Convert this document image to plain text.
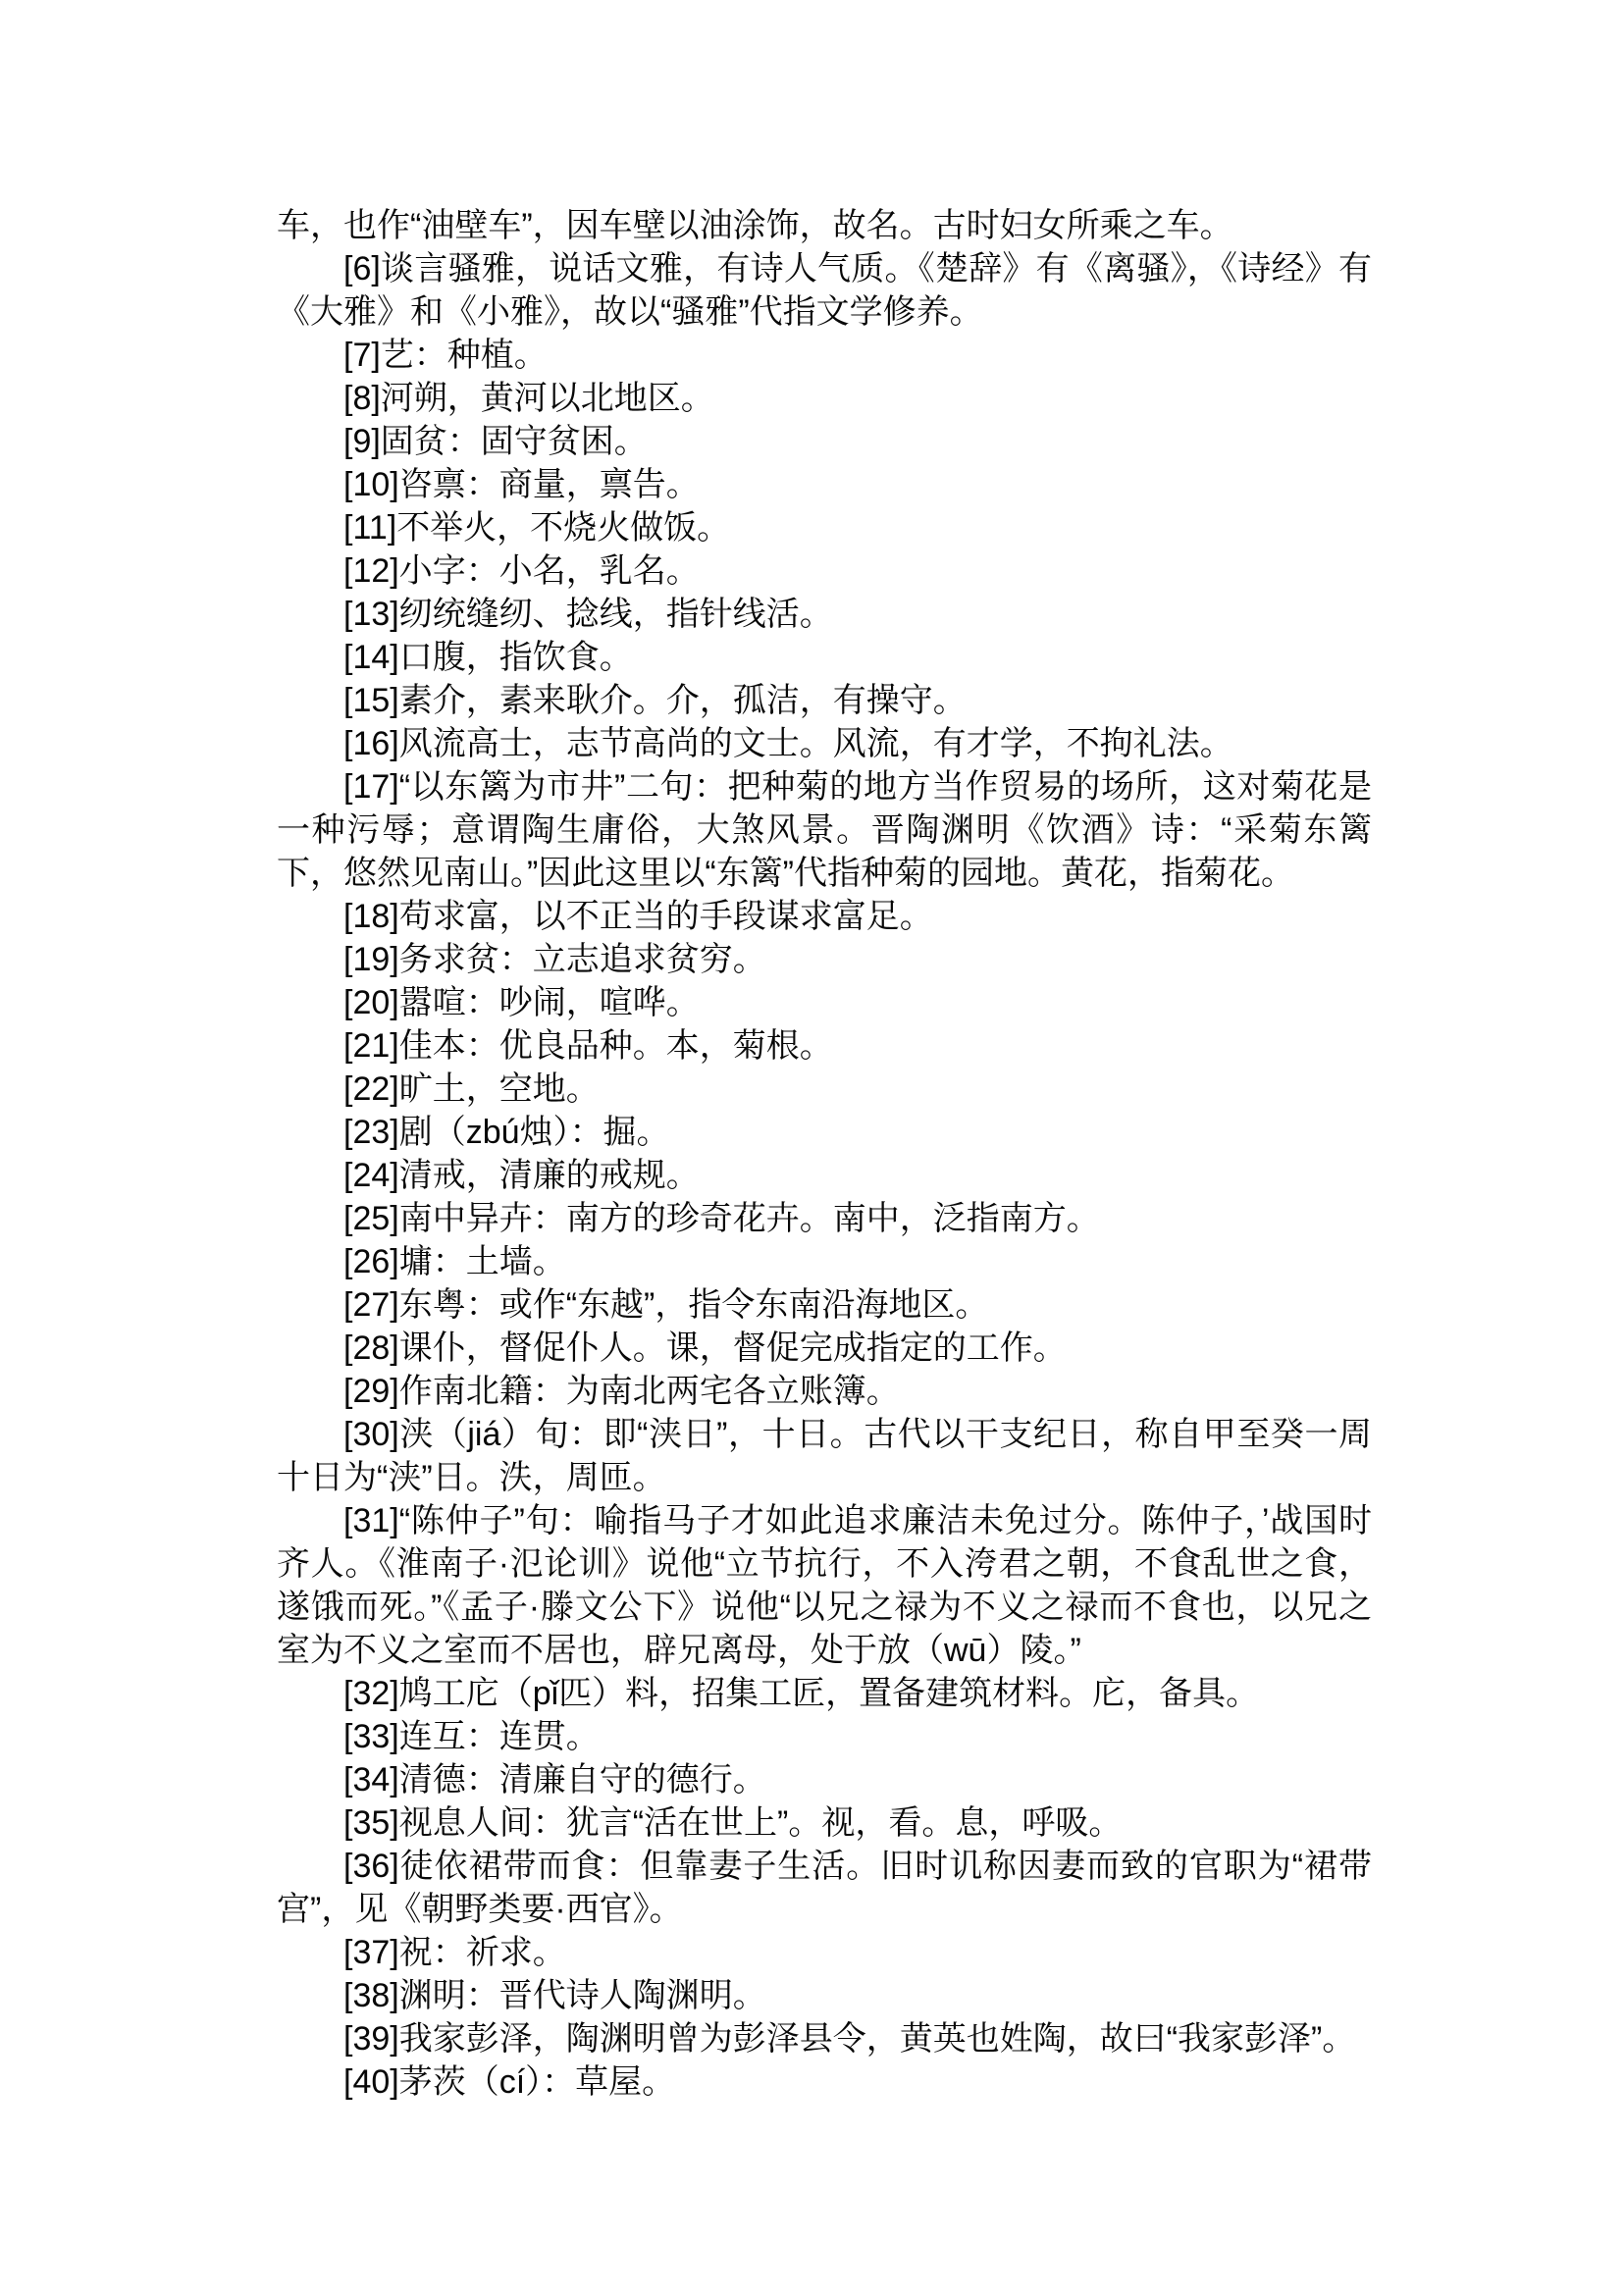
车，也作“油壁车”，因车壁以油涂饰，故名。古时妇女所乘之车。

[6]谈言骚雅，说话文雅，有诗人气质。《楚辞》有《离骚》，《诗经》有《大雅》和《小雅》，故以“骚雅”代指文学修养。

[7]艺：种植。

[8]河朔，黄河以北地区。

[9]固贫：固守贫困。

[10]咨禀：商量，禀告。

[11]不举火，不烧火做饭。

[12]小字：小名，乳名。

[13]纫统缝纫、捻线，指针线活。

[14]口腹，指饮食。

[15]素介，素来耿介。介，孤洁，有操守。

[16]风流高士，志节高尚的文士。风流，有才学，不拘礼法。

[17]“以东篱为市井”二句：把种菊的地方当作贸易的场所，这对菊花是一种污辱；意谓陶生庸俗，大煞风景。晋陶渊明《饮酒》诗：“采菊东篱下，悠然见南山。”因此这里以“东篱”代指种菊的园地。黄花，指菊花。

[18]苟求富，以不正当的手段谋求富足。

[19]务求贫：立志追求贫穷。

[20]嚣喧：吵闹，喧哗。

[21]佳本：优良品种。本，菊根。

[22]旷土，空地。

[23]剧（zbú烛）：掘。

[24]清戒，清廉的戒规。

[25]南中异卉：南方的珍奇花卉。南中，泛指南方。

[26]墉：土墙。

[27]东粤：或作“东越”，指令东南沿海地区。

[28]课仆，督促仆人。课，督促完成指定的工作。

[29]作南北籍：为南北两宅各立账簿。

[30]浃（jiá）旬：即“浃日”，十日。古代以干支纪日，称自甲至癸一周十日为“浃”日。泆，周匝。

[31]“陈仲子”句：喻指马子才如此追求廉洁未免过分。陈仲子，’战国时齐人。《淮南子·氾论训》说他“立节抗行，不入洿君之朝，不食乱世之食，遂饿而死。”《孟子·滕文公下》说他“以兄之禄为不义之禄而不食也，以兄之室为不义之室而不居也，辟兄离母，处于放（wū）陵。”

[32]鸠工庀（pǐ匹）料，招集工匠，置备建筑材料。庀，备具。

[33]连互：连贯。

[34]清德：清廉自守的德行。

[35]视息人间：犹言“活在世上”。视，看。息，呼吸。

[36]徒依裙带而食：但靠妻子生活。旧时讥称因妻而致的官职为“裙带宫”，见《朝野类要·西官》。

[37]祝：祈求。

[38]渊明：晋代诗人陶渊明。

[39]我家彭泽，陶渊明曾为彭泽县令，黄英也姓陶，故曰“我家彭泽”。

[40]茅茨（cí）：草屋。
